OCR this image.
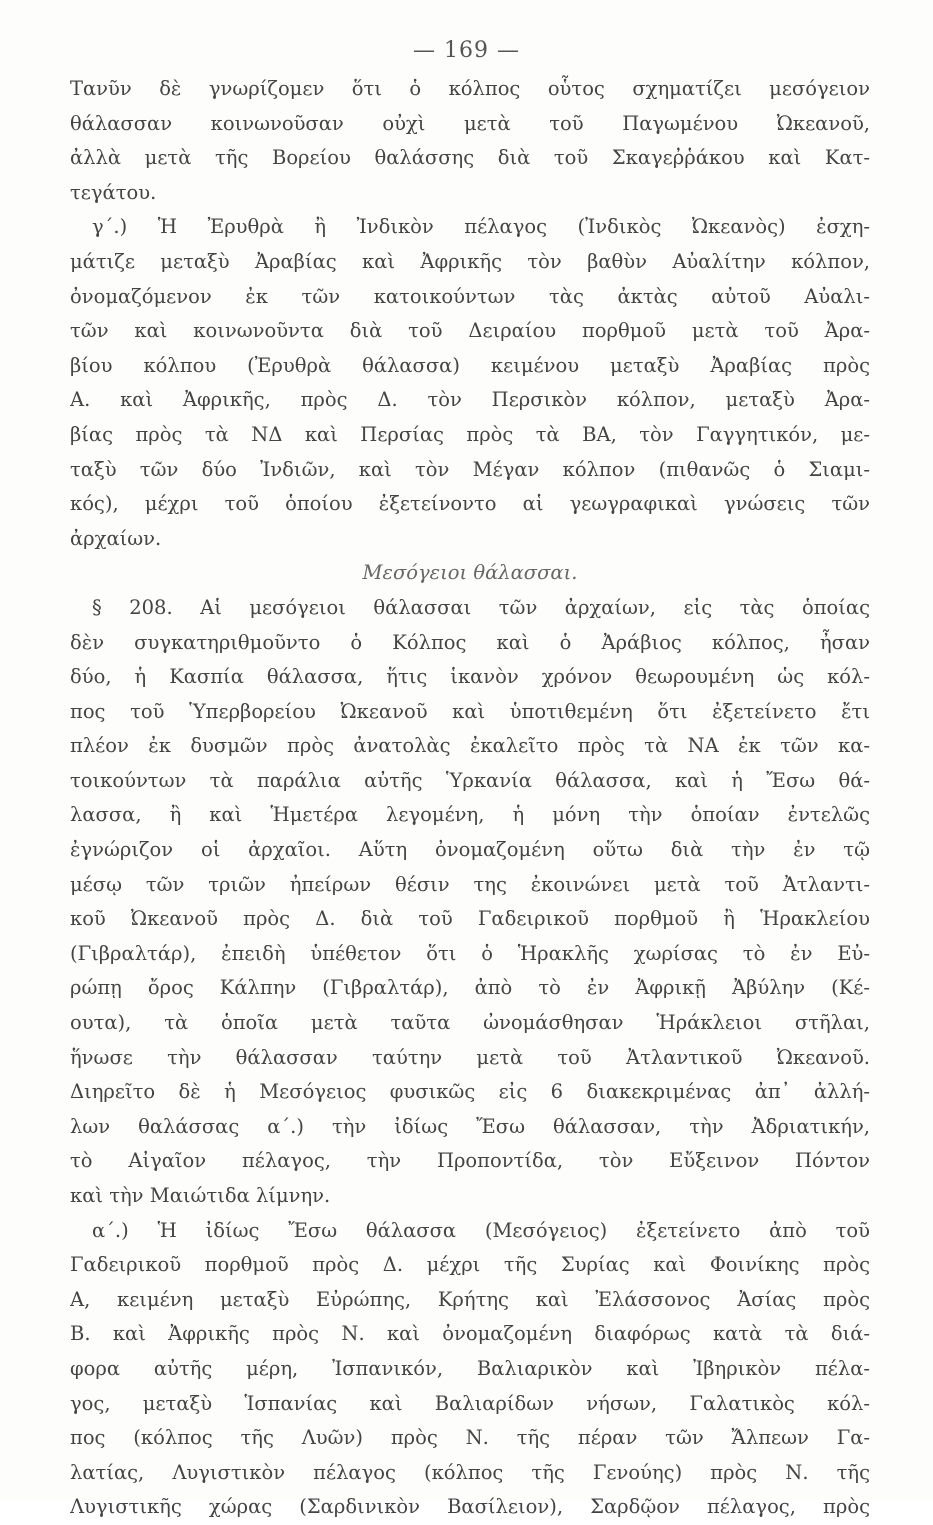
— 169 —
Τανῦν δὲ γνωρίζομεν ὅτι ὁ κόλπος οὗτος σχηματίζει μεσόγειον
θάλασσαν κοινωνοῦσαν οὐχὶ μετὰ τοῦ Παγωμένου Ὠκεανοῦ,
ἀλλὰ μετὰ τῆς Βορείου θαλάσσης διὰ τοῦ Σκαγεῤῥάκου καὶ Κατ-
τεγάτου.
γ΄.) Ἡ Ἐρυθρὰ ἢ Ἰνδικὸν πέλαγος (Ἰνδικὸς Ὠκεανὸς) ἐσχη-
μάτιζε μεταξὺ Ἀραβίας καὶ Ἀφρικῆς τὸν βαθὺν Αὐαλίτην κόλπον,
ὀνομαζόμενον ἐκ τῶν κατοικούντων τὰς ἀκτὰς αὐτοῦ Αὐαλι-
τῶν καὶ κοινωνοῦντα διὰ τοῦ Δειραίου πορθμοῦ μετὰ τοῦ Ἀρα-
βίου κόλπου (Ἐρυθρὰ θάλασσα) κειμένου μεταξὺ Ἀραβίας πρὸς
Α. καὶ Ἀφρικῆς, πρὸς Δ. τὸν Περσικὸν κόλπον, μεταξὺ Ἀρα-
βίας πρὸς τὰ ΝΔ καὶ Περσίας πρὸς τὰ ΒΑ, τὸν Γαγγητικόν, με-
ταξὺ τῶν δύο Ἰνδιῶν, καὶ τὸν Μέγαν κόλπον (πιθανῶς ὁ Σιαμι-
κός), μέχρι τοῦ ὁποίου ἐξετείνοντο αἱ γεωγραφικαὶ γνώσεις τῶν
ἀρχαίων.
Μεσόγειοι θάλασσαι.
§ 208. Αἱ μεσόγειοι θάλασσαι τῶν ἀρχαίων, εἰς τὰς ὁποίας
δὲν συγκατηριθμοῦντο ὁ Κόλπος καὶ ὁ Ἀράβιος κόλπος, ἦσαν
δύο, ἡ Κασπία θάλασσα, ἥτις ἱκανὸν χρόνον θεωρουμένη ὡς κόλ-
πος τοῦ Ὑπερβορείου Ὠκεανοῦ καὶ ὑποτιθεμένη ὅτι ἐξετείνετο ἔτι
πλέον ἐκ δυσμῶν πρὸς ἀνατολὰς ἐκαλεῖτο πρὸς τὰ ΝΑ ἐκ τῶν κα-
τοικούντων τὰ παράλια αὐτῆς Ὑρκανία θάλασσα, καὶ ἡ Ἔσω θά-
λασσα, ἢ καὶ Ἡμετέρα λεγομένη, ἡ μόνη τὴν ὁποίαν ἐντελῶς
ἐγνώριζον οἱ ἀρχαῖοι. Αὕτη ὀνομαζομένη οὕτω διὰ τὴν ἐν τῷ
μέσῳ τῶν τριῶν ἠπείρων θέσιν της ἐκοινώνει μετὰ τοῦ Ἀτλαντι-
κοῦ Ὠκεανοῦ πρὸς Δ. διὰ τοῦ Γαδειρικοῦ πορθμοῦ ἢ Ἡρακλείου
(Γιβραλτάρ), ἐπειδὴ ὑπέθετον ὅτι ὁ Ἡρακλῆς χωρίσας τὸ ἐν Εὐ-
ρώπῃ ὄρος Κάλπην (Γιβραλτάρ), ἀπὸ τὸ ἐν Ἀφρικῇ Ἀβύλην (Κέ-
ουτα), τὰ ὁποῖα μετὰ ταῦτα ὠνομάσθησαν Ἡράκλειοι στῆλαι,
ἥνωσε τὴν θάλασσαν ταύτην μετὰ τοῦ Ἀτλαντικοῦ Ὠκεανοῦ.
Διηρεῖτο δὲ ἡ Μεσόγειος φυσικῶς εἰς 6 διακεκριμένας ἀπ᾿ ἀλλή-
λων θαλάσσας α΄.) τὴν ἰδίως Ἔσω θάλασσαν, τὴν Ἀδριατικήν,
τὸ Αἰγαῖον πέλαγος, τὴν Προποντίδα, τὸν Εὔξεινον Πόντον
καὶ τὴν Μαιώτιδα λίμνην.
α΄.) Ἡ ἰδίως Ἔσω θάλασσα (Μεσόγειος) ἐξετείνετο ἀπὸ τοῦ
Γαδειρικοῦ πορθμοῦ πρὸς Δ. μέχρι τῆς Συρίας καὶ Φοινίκης πρὸς
Α, κειμένη μεταξὺ Εὐρώπης, Κρήτης καὶ Ἐλάσσονος Ἀσίας πρὸς
Β. καὶ Ἀφρικῆς πρὸς Ν. καὶ ὀνομαζομένη διαφόρως κατὰ τὰ διά-
φορα αὐτῆς μέρη, Ἰσπανικόν, Βαλιαρικὸν καὶ Ἰβηρικὸν πέλα-
γος, μεταξὺ Ἱσπανίας καὶ Βαλιαρίδων νήσων, Γαλατικὸς κόλ-
πος (κόλπος τῆς Λυῶν) πρὸς Ν. τῆς πέραν τῶν Ἄλπεων Γα-
λατίας, Λυγιστικὸν πέλαγος (κόλπος τῆς Γενούης) πρὸς Ν. τῆς
Λυγιστικῆς χώρας (Σαρδινικὸν Βασίλειον), Σαρδῷον πέλαγος, πρὸς
